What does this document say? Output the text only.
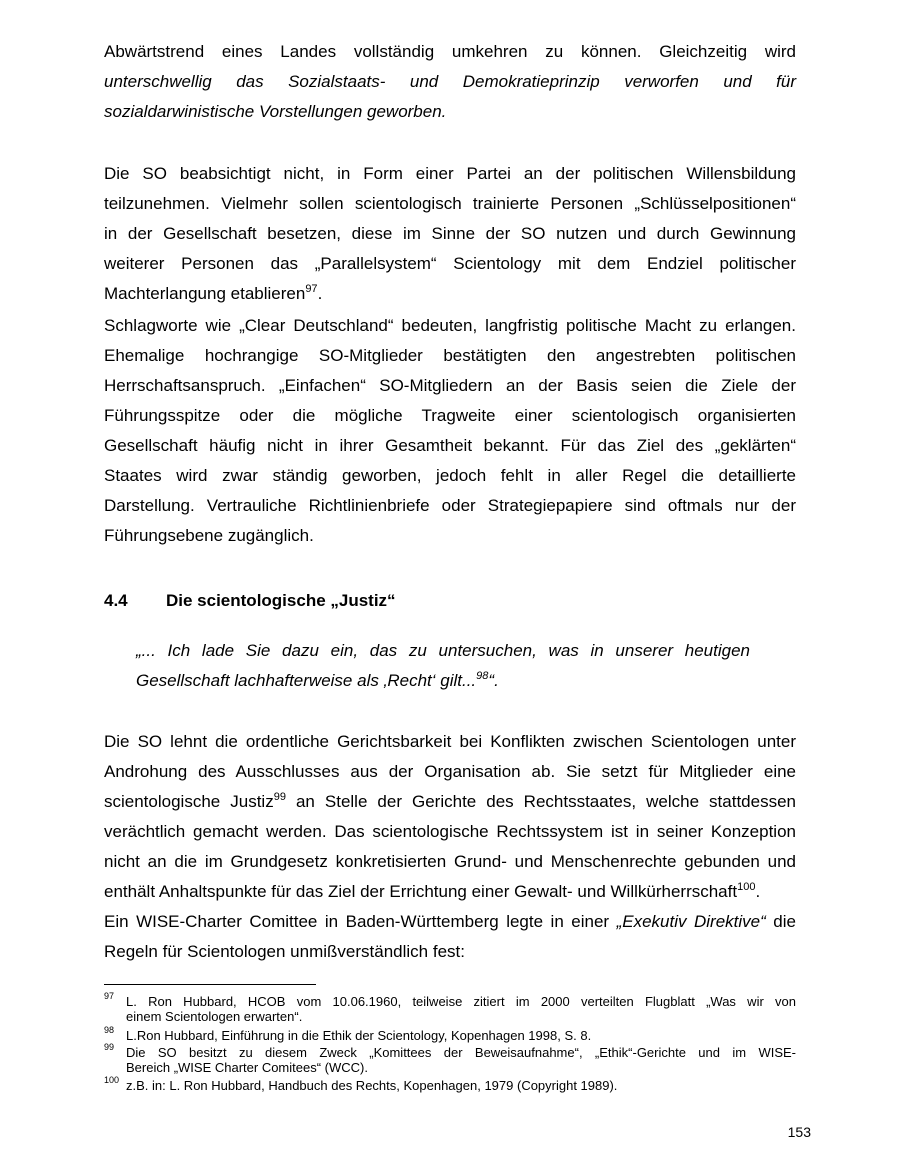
Abwärtstrend eines Landes vollständig umkehren zu können. Gleichzeitig wird
unterschwellig das Sozialstaats- und Demokratieprinzip verworfen und für
sozialdarwinistische Vorstellungen geworben.
Die SO beabsichtigt nicht, in Form einer Partei an der politischen Willensbildung
teilzunehmen. Vielmehr sollen scientologisch trainierte Personen „Schlüsselpositionen“
in der Gesellschaft besetzen, diese im Sinne der SO nutzen und durch Gewinnung
weiterer Personen das „Parallelsystem“ Scientology mit dem Endziel politischer
Machterlangung etablieren$^{97}$.
Schlagworte wie „Clear Deutschland“ bedeuten, langfristig politische Macht zu erlangen.
Ehemalige hochrangige SO-Mitglieder bestätigten den angestrebten politischen
Herrschaftsanspruch. „Einfachen“ SO-Mitgliedern an der Basis seien die Ziele der
Führungsspitze oder die mögliche Tragweite einer scientologisch organisierten
Gesellschaft häufig nicht in ihrer Gesamtheit bekannt. Für das Ziel des „geklärten“
Staates wird zwar ständig geworben, jedoch fehlt in aller Regel die detaillierte
Darstellung. Vertrauliche Richtlinienbriefe oder Strategiepapiere sind oftmals nur der
Führungsebene zugänglich.
4.4 Die scientologische „Justiz“
„... Ich lade Sie dazu ein, das zu untersuchen, was in unserer heutigen
Gesellschaft lachhafterweise als ‚Recht‘ gilt...$^{98}$“.
Die SO lehnt die ordentliche Gerichtsbarkeit bei Konflikten zwischen Scientologen unter
Androhung des Ausschlusses aus der Organisation ab. Sie setzt für Mitglieder eine
scientologische Justiz$^{99}$ an Stelle der Gerichte des Rechtsstaates, welche stattdessen
verächtlich gemacht werden. Das scientologische Rechtssystem ist in seiner Konzeption
nicht an die im Grundgesetz konkretisierten Grund- und Menschenrechte gebunden und
enthält Anhaltspunkte für das Ziel der Errichtung einer Gewalt- und Willkürherrschaft$^{100}$.
Ein WISE-Charter Comittee in Baden-Württemberg legte in einer „Exekutiv Direktive“ die
Regeln für Scientologen unmißverständlich fest:
97 L. Ron Hubbard, HCOB vom 10.06.1960, teilweise zitiert im 2000 verteilten Flugblatt „Was wir von
einem Scientologen erwarten“.
98 L.Ron Hubbard, Einführung in die Ethik der Scientology, Kopenhagen 1998, S. 8.
99 Die SO besitzt zu diesem Zweck „Komittees der Beweisaufnahme“, „Ethik“-Gerichte und im WISE-
Bereich „WISE Charter Comitees“ (WCC).
100 z.B. in: L. Ron Hubbard, Handbuch des Rechts, Kopenhagen, 1979 (Copyright 1989).
153
